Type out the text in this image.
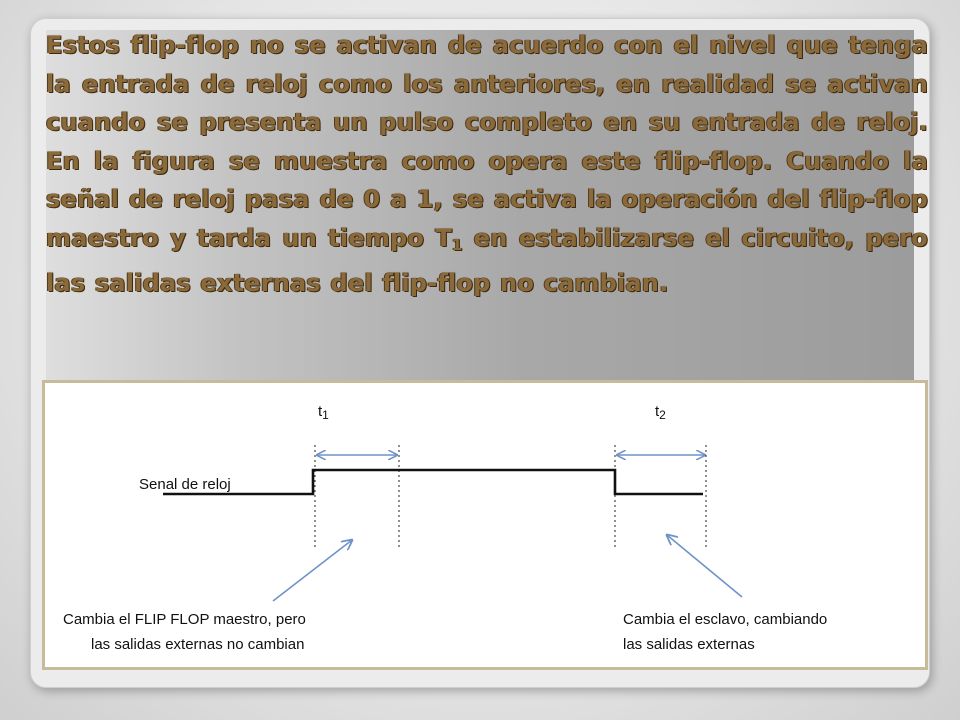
Estos flip-flop no se activan de acuerdo con el nivel que tenga la entrada de reloj como los anteriores, en realidad se activan cuando se presenta un pulso completo en su entrada de reloj. En la figura se muestra como opera este flip-flop. Cuando la señal de reloj pasa de 0 a 1, se activa la operación del flip-flop maestro y tarda un tiempo $T_1$ en estabilizarse el circuito, pero las salidas externas del flip-flop no cambian.

$t_1$	$t_2$
Senal de reloj
Cambia el FLIP FLOP maestro, pero
las salidas externas no cambian
Cambia el esclavo, cambiando
las salidas externas
